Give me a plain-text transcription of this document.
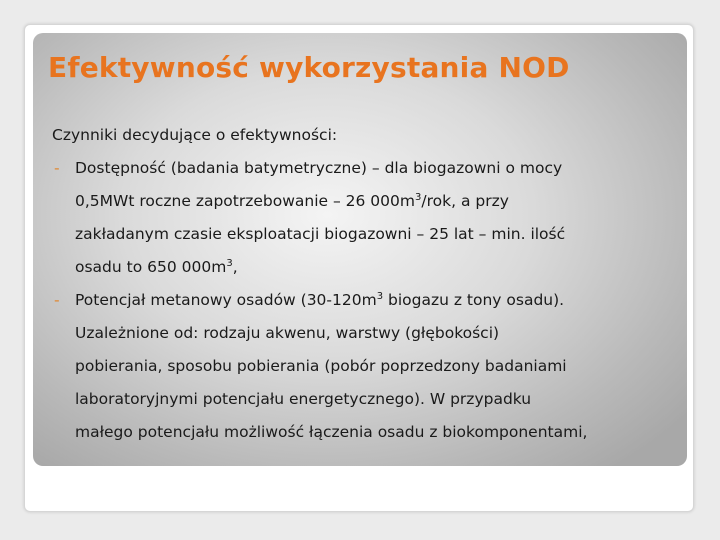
Efektywność wykorzystania NOD

Czynniki decydujące o efektywności:

- Dostępność (badania batymetryczne) – dla biogazowni o mocy
0,5MWt roczne zapotrzebowanie – 26 $000m^3$/rok, a przy
zakładanym czasie eksploatacji biogazowni – 25 lat – min. ilość
osadu to 650 $000m^3$,
- Potencjał metanowy osadów ($30-120m^3$ biogazu z tony osadu).
Uzależnione od: rodzaju akwenu, warstwy (głębokości)
pobierania, sposobu pobierania (pobór poprzedzony badaniami
laboratoryjnymi potencjału energetycznego). W przypadku
małego potencjału możliwość łączenia osadu z biokomponentami,
